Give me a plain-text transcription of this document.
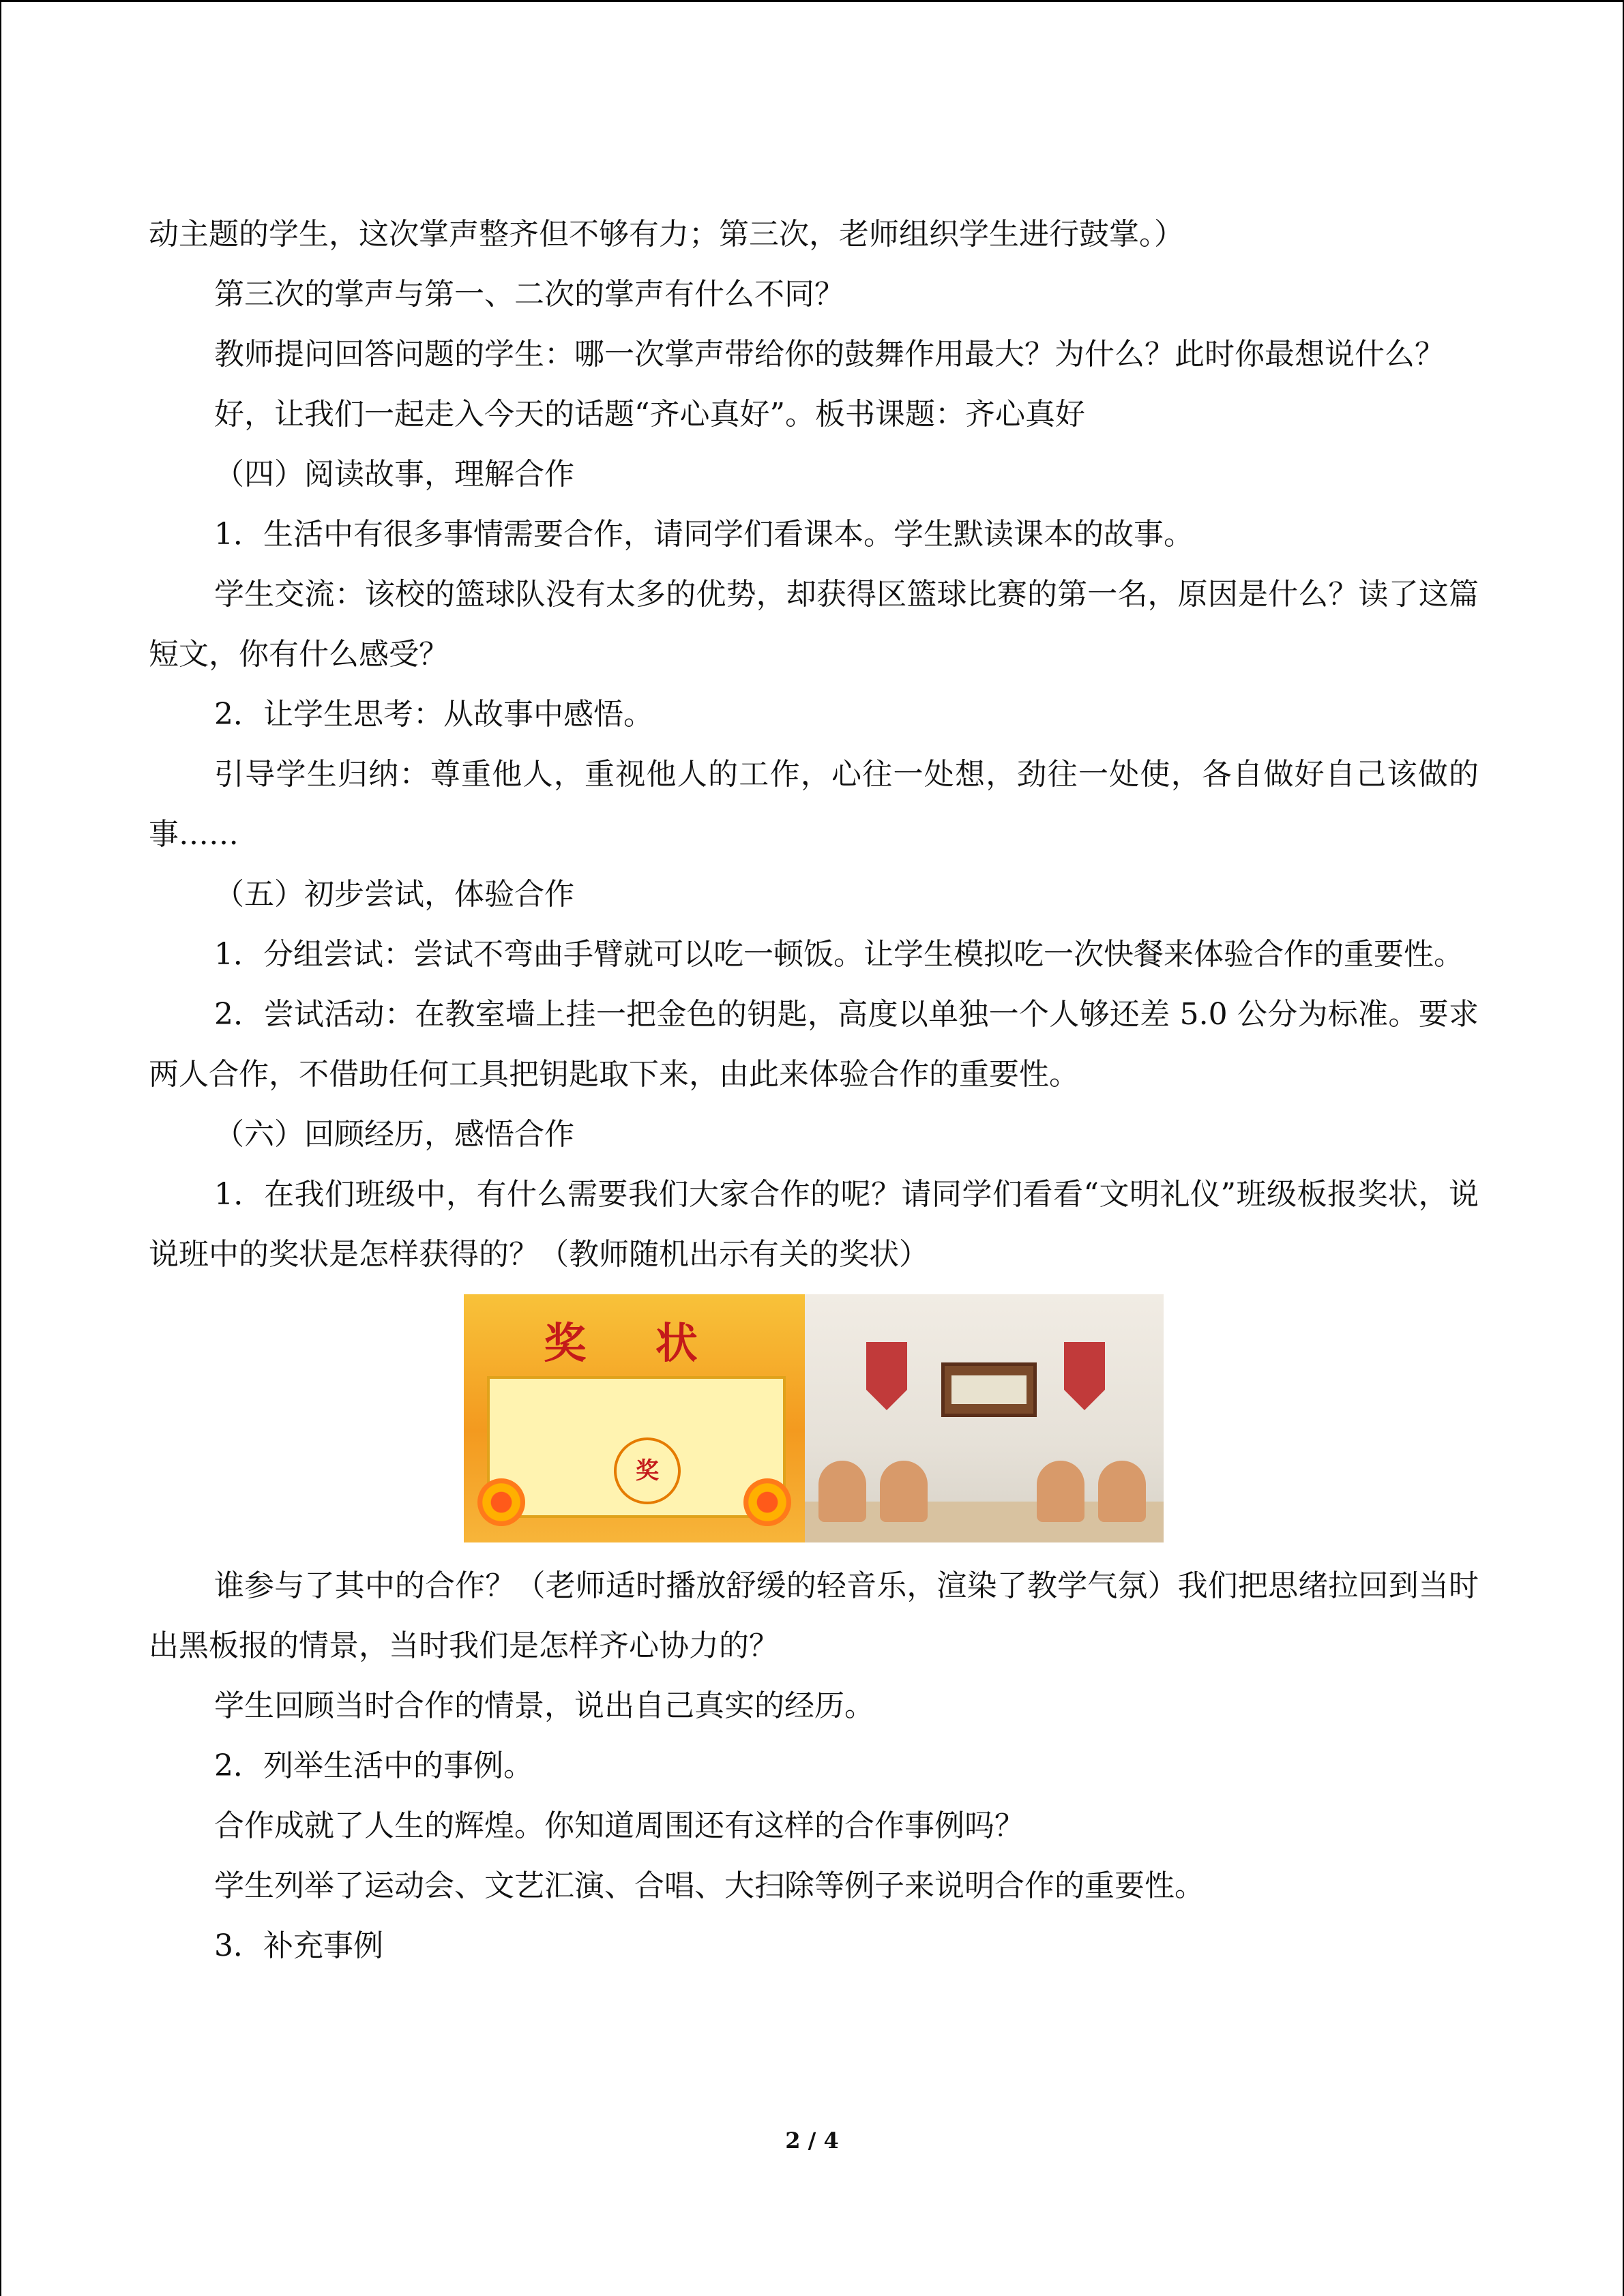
动主题的学生，这次掌声整齐但不够有力；第三次，老师组织学生进行鼓掌。）

第三次的掌声与第一、二次的掌声有什么不同？

教师提问回答问题的学生：哪一次掌声带给你的鼓舞作用最大？为什么？此时你最想说什么？

好，让我们一起走入今天的话题“齐心真好”。板书课题：齐心真好

（四）阅读故事，理解合作

1．生活中有很多事情需要合作，请同学们看课本。学生默读课本的故事。

学生交流：该校的篮球队没有太多的优势，却获得区篮球比赛的第一名，原因是什么？读了这篇短文，你有什么感受？

2．让学生思考：从故事中感悟。

引导学生归纳：尊重他人，重视他人的工作，心往一处想，劲往一处使，各自做好自己该做的事……

（五）初步尝试，体验合作

1．分组尝试：尝试不弯曲手臂就可以吃一顿饭。让学生模拟吃一次快餐来体验合作的重要性。

2．尝试活动：在教室墙上挂一把金色的钥匙，高度以单独一个人够还差 5.0 公分为标准。要求两人合作，不借助任何工具把钥匙取下来，由此来体验合作的重要性。

（六）回顾经历，感悟合作

1．在我们班级中，有什么需要我们大家合作的呢？请同学们看看“文明礼仪”班级板报奖状，说说班中的奖状是怎样获得的？（教师随机出示有关的奖状）

奖 状
奖

谁参与了其中的合作？（老师适时播放舒缓的轻音乐，渲染了教学气氛）我们把思绪拉回到当时出黑板报的情景，当时我们是怎样齐心协力的？

学生回顾当时合作的情景，说出自己真实的经历。

2．列举生活中的事例。

合作成就了人生的辉煌。你知道周围还有这样的合作事例吗？

学生列举了运动会、文艺汇演、合唱、大扫除等例子来说明合作的重要性。

3．补充事例

2 / 4
